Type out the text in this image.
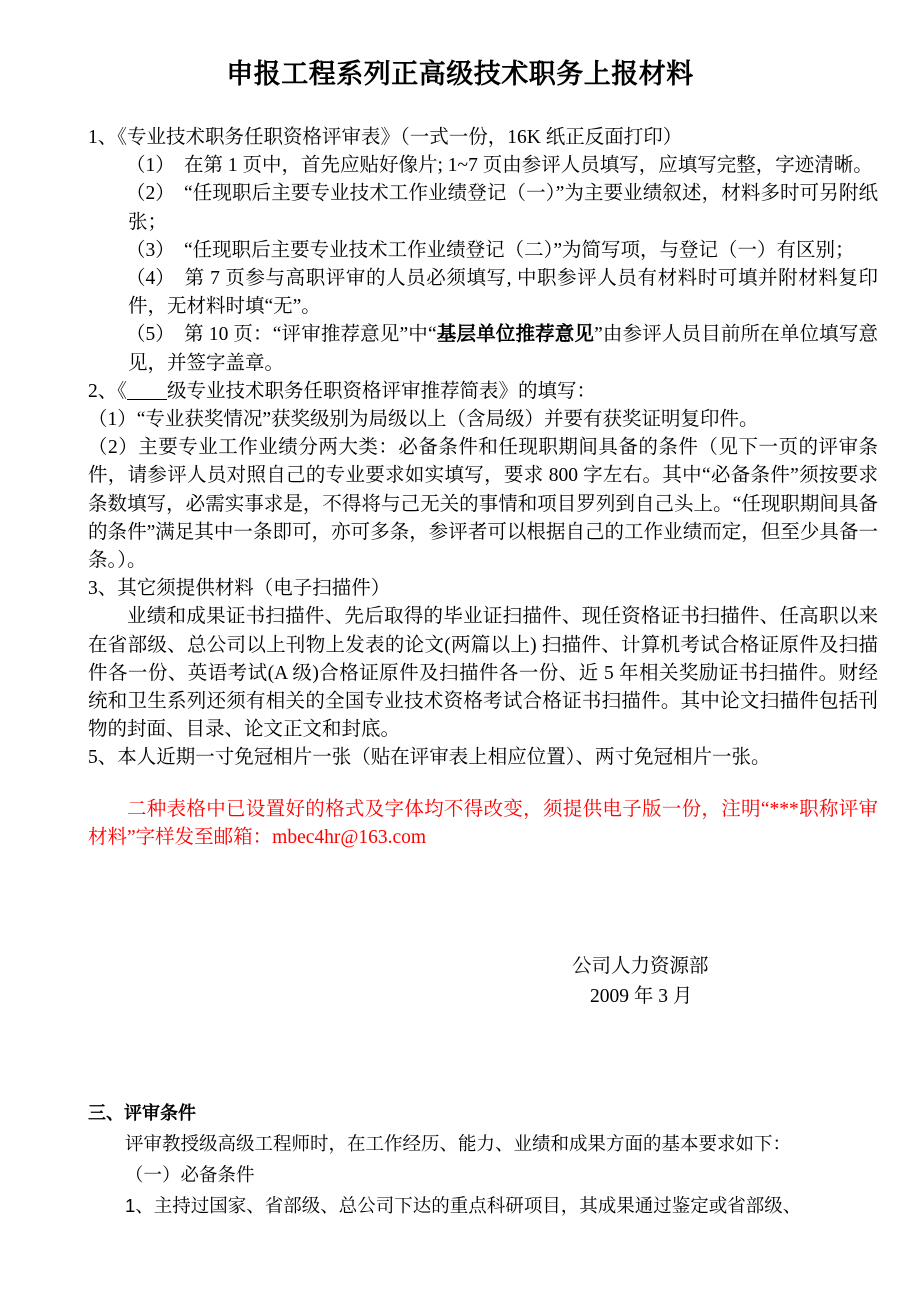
申报工程系列正高级技术职务上报材料

1、《专业技术职务任职资格评审表》（一式一份，16K 纸正反面打印）

（1） 在第 1 页中，首先应贴好像片; 1~7 页由参评人员填写，应填写完整，字迹清晰。

（2） “任现职后主要专业技术工作业绩登记（一）”为主要业绩叙述，材料多时可另附纸张；

（3） “任现职后主要专业技术工作业绩登记（二）”为简写项，与登记（一）有区别；

（4） 第 7 页参与高职评审的人员必须填写, 中职参评人员有材料时可填并附材料复印件，无材料时填“无”。

（5） 第 10 页：“评审推荐意见”中“基层单位推荐意见”由参评人员目前所在单位填写意见，并签字盖章。

2、《 级专业技术职务任职资格评审推荐简表》的填写：

（1）“专业获奖情况”获奖级别为局级以上（含局级）并要有获奖证明复印件。

（2）主要专业工作业绩分两大类：必备条件和任现职期间具备的条件（见下一页的评审条件，请参评人员对照自己的专业要求如实填写，要求 800 字左右。其中“必备条件”须按要求条数填写，必需实事求是，不得将与己无关的事情和项目罗列到自己头上。“任现职期间具备的条件”满足其中一条即可，亦可多条，参评者可以根据自己的工作业绩而定，但至少具备一条。）。

3、其它须提供材料（电子扫描件）

业绩和成果证书扫描件、先后取得的毕业证扫描件、现任资格证书扫描件、任高职以来在省部级、总公司以上刊物上发表的论文(两篇以上) 扫描件、计算机考试合格证原件及扫描件各一份、英语考试(A 级)合格证原件及扫描件各一份、近 5 年相关奖励证书扫描件。财经统和卫生系列还须有相关的全国专业技术资格考试合格证书扫描件。其中论文扫描件包括刊物的封面、目录、论文正文和封底。

5、本人近期一寸免冠相片一张（贴在评审表上相应位置）、两寸免冠相片一张。

二种表格中已设置好的格式及字体均不得改变，须提供电子版一份，注明“***职称评审材料”字样发至邮箱：mbec4hr@163.com
公司人力资源部
2009 年 3 月

三、评审条件

评审教授级高级工程师时，在工作经历、能力、业绩和成果方面的基本要求如下：

（一）必备条件

1、主持过国家、省部级、总公司下达的重点科研项目，其成果通过鉴定或省部级、
